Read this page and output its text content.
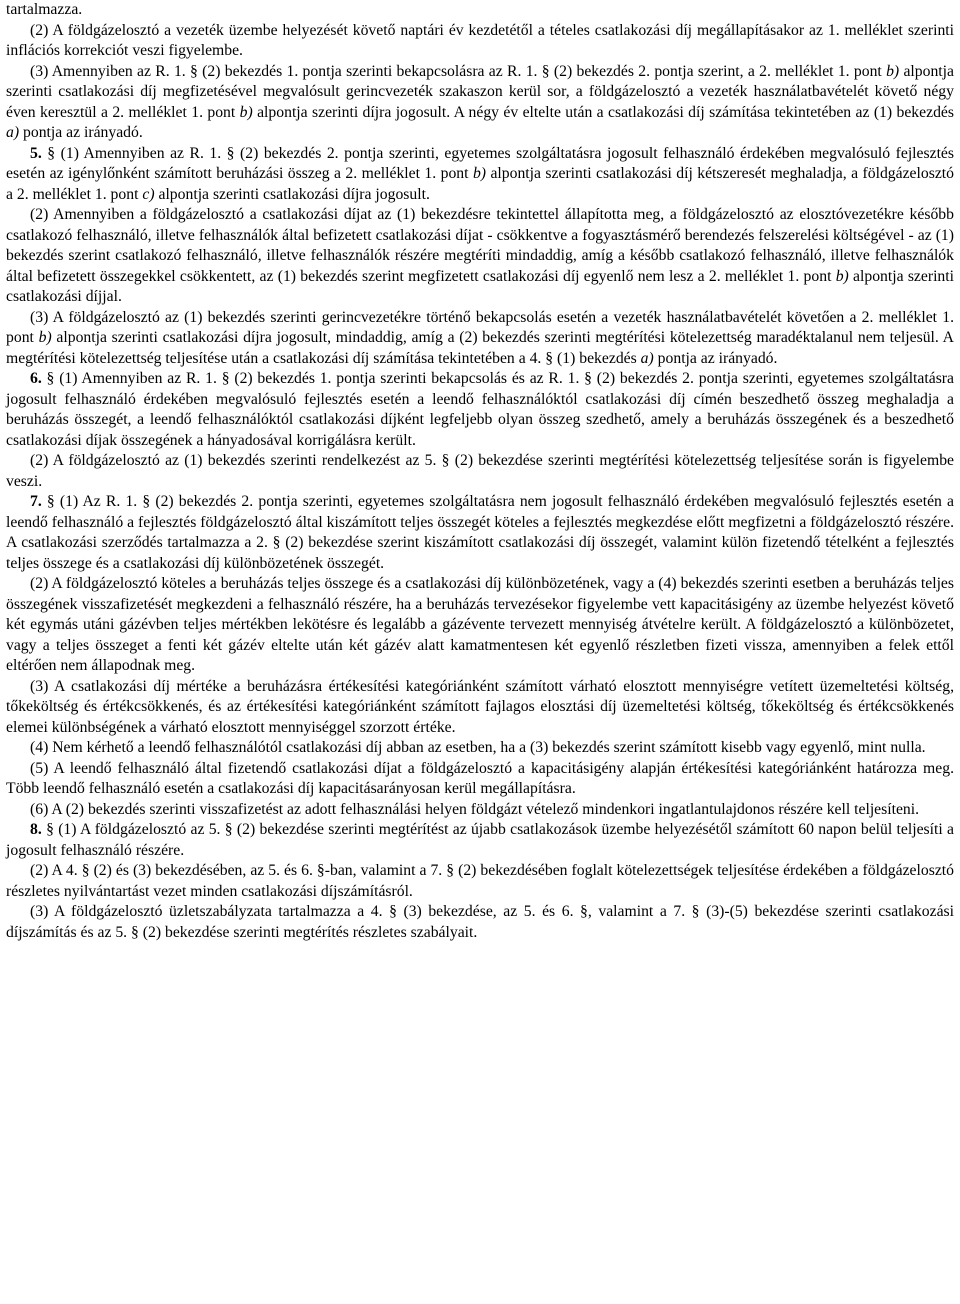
tartalmazza.

(2) A földgázelosztó a vezeték üzembe helyezését követő naptári év kezdetétől a tételes csatlakozási díj megállapításakor az 1. melléklet szerinti inflációs korrekciót veszi figyelembe.

(3) Amennyiben az R. 1. § (2) bekezdés 1. pontja szerinti bekapcsolásra az R. 1. § (2) bekezdés 2. pontja szerint, a 2. melléklet 1. pont b) alpontja szerinti csatlakozási díj megfizetésével megvalósult gerincvezeték szakaszon kerül sor, a földgázelosztó a vezeték használatbavételét követő négy éven keresztül a 2. melléklet 1. pont b) alpontja szerinti díjra jogosult. A négy év eltelte után a csatlakozási díj számítása tekintetében az (1) bekezdés a) pontja az irányadó.

5. § (1) Amennyiben az R. 1. § (2) bekezdés 2. pontja szerinti, egyetemes szolgáltatásra jogosult felhasználó érdekében megvalósuló fejlesztés esetén az igénylőnként számított beruházási összeg a 2. melléklet 1. pont b) alpontja szerinti csatlakozási díj kétszeresét meghaladja, a földgázelosztó a 2. melléklet 1. pont c) alpontja szerinti csatlakozási díjra jogosult.

(2) Amennyiben a földgázelosztó a csatlakozási díjat az (1) bekezdésre tekintettel állapította meg, a földgázelosztó az elosztóvezetékre később csatlakozó felhasználó, illetve felhasználók által befizetett csatlakozási díjat - csökkentve a fogyasztásmérő berendezés felszerelési költségével - az (1) bekezdés szerint csatlakozó felhasználó, illetve felhasználók részére megtéríti mindaddig, amíg a később csatlakozó felhasználó, illetve felhasználók által befizetett összegekkel csökkentett, az (1) bekezdés szerint megfizetett csatlakozási díj egyenlő nem lesz a 2. melléklet 1. pont b) alpontja szerinti csatlakozási díjjal.

(3) A földgázelosztó az (1) bekezdés szerinti gerincvezetékre történő bekapcsolás esetén a vezeték használatbavételét követően a 2. melléklet 1. pont b) alpontja szerinti csatlakozási díjra jogosult, mindaddig, amíg a (2) bekezdés szerinti megtérítési kötelezettség maradéktalanul nem teljesül. A megtérítési kötelezettség teljesítése után a csatlakozási díj számítása tekintetében a 4. § (1) bekezdés a) pontja az irányadó.

6. § (1) Amennyiben az R. 1. § (2) bekezdés 1. pontja szerinti bekapcsolás és az R. 1. § (2) bekezdés 2. pontja szerinti, egyetemes szolgáltatásra jogosult felhasználó érdekében megvalósuló fejlesztés esetén a leendő felhasználóktól csatlakozási díj címén beszedhető összeg meghaladja a beruházás összegét, a leendő felhasználóktól csatlakozási díjként legfeljebb olyan összeg szedhető, amely a beruházás összegének és a beszedhető csatlakozási díjak összegének a hányadosával korrigálásra került.

(2) A földgázelosztó az (1) bekezdés szerinti rendelkezést az 5. § (2) bekezdése szerinti megtérítési kötelezettség teljesítése során is figyelembe veszi.

7. § (1) Az R. 1. § (2) bekezdés 2. pontja szerinti, egyetemes szolgáltatásra nem jogosult felhasználó érdekében megvalósuló fejlesztés esetén a leendő felhasználó a fejlesztés földgázelosztó által kiszámított teljes összegét köteles a fejlesztés megkezdése előtt megfizetni a földgázelosztó részére. A csatlakozási szerződés tartalmazza a 2. § (2) bekezdése szerint kiszámított csatlakozási díj összegét, valamint külön fizetendő tételként a fejlesztés teljes összege és a csatlakozási díj különbözetének összegét.

(2) A földgázelosztó köteles a beruházás teljes összege és a csatlakozási díj különbözetének, vagy a (4) bekezdés szerinti esetben a beruházás teljes összegének visszafizetését megkezdeni a felhasználó részére, ha a beruházás tervezésekor figyelembe vett kapacitásigény az üzembe helyezést követő két egymás utáni gázévben teljes mértékben lekötésre és legalább a gázévente tervezett mennyiség átvételre került. A földgázelosztó a különbözetet, vagy a teljes összeget a fenti két gázév eltelte után két gázév alatt kamatmentesen két egyenlő részletben fizeti vissza, amennyiben a felek ettől eltérően nem állapodnak meg.

(3) A csatlakozási díj mértéke a beruházásra értékesítési kategóriánként számított várható elosztott mennyiségre vetített üzemeltetési költség, tőkeköltség és értékcsökkenés, és az értékesítési kategóriánként számított fajlagos elosztási díj üzemeltetési költség, tőkeköltség és értékcsökkenés elemei különbségének a várható elosztott mennyiséggel szorzott értéke.

(4) Nem kérhető a leendő felhasználótól csatlakozási díj abban az esetben, ha a (3) bekezdés szerint számított kisebb vagy egyenlő, mint nulla.

(5) A leendő felhasználó által fizetendő csatlakozási díjat a földgázelosztó a kapacitásigény alapján értékesítési kategóriánként határozza meg. Több leendő felhasználó esetén a csatlakozási díj kapacitásarányosan kerül megállapításra.

(6) A (2) bekezdés szerinti visszafizetést az adott felhasználási helyen földgázt vételező mindenkori ingatlantulajdonos részére kell teljesíteni.

8. § (1) A földgázelosztó az 5. § (2) bekezdése szerinti megtérítést az újabb csatlakozások üzembe helyezésétől számított 60 napon belül teljesíti a jogosult felhasználó részére.

(2) A 4. § (2) és (3) bekezdésében, az 5. és 6. §-ban, valamint a 7. § (2) bekezdésében foglalt kötelezettségek teljesítése érdekében a földgázelosztó részletes nyilvántartást vezet minden csatlakozási díjszámításról.

(3) A földgázelosztó üzletszabályzata tartalmazza a 4. § (3) bekezdése, az 5. és 6. §, valamint a 7. § (3)-(5) bekezdése szerinti csatlakozási díjszámítás és az 5. § (2) bekezdése szerinti megtérítés részletes szabályait.
